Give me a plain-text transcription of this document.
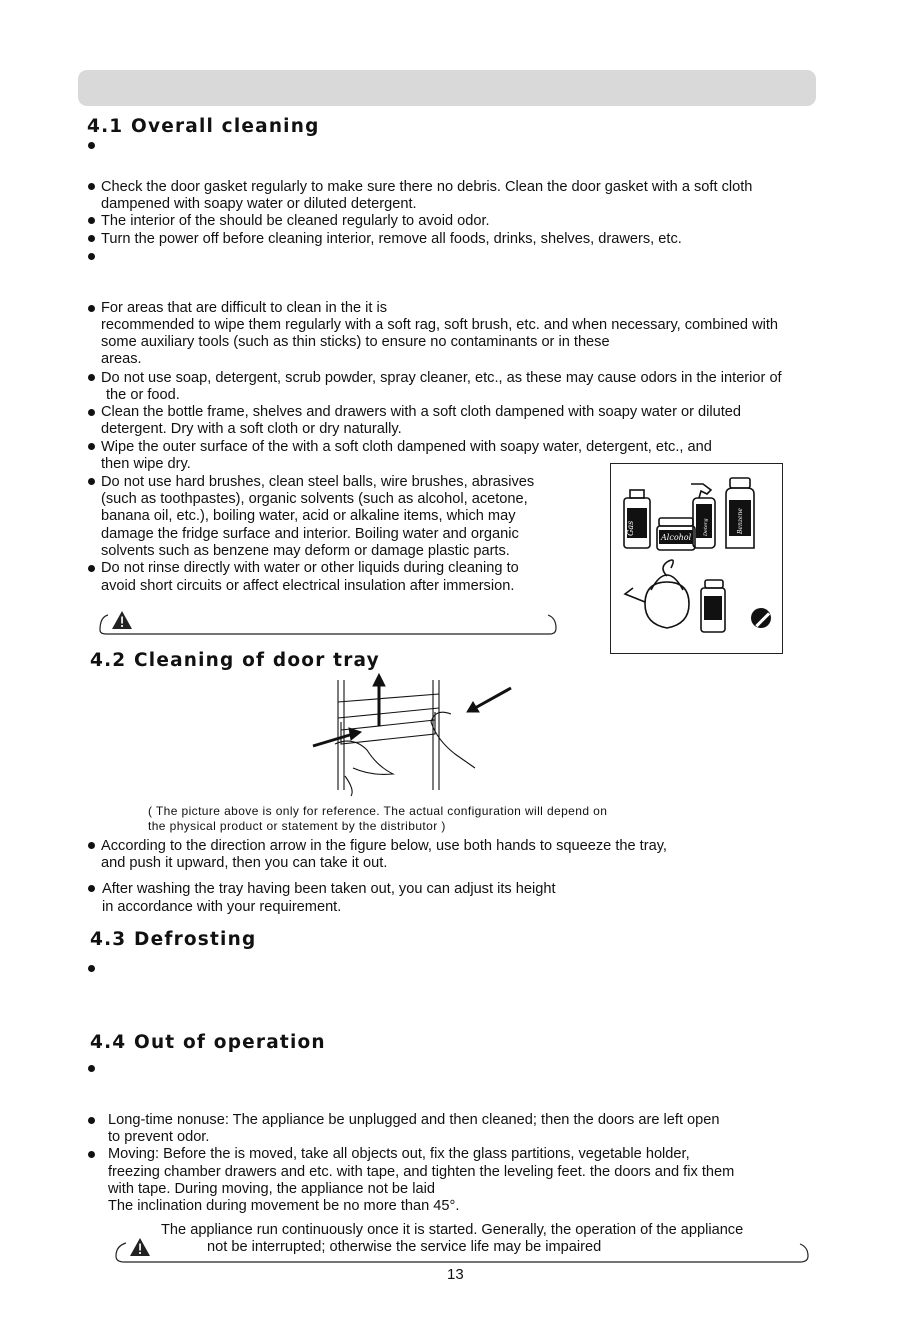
4.1 Overall cleaning
Check the door gasket regularly to make sure there no debris. Clean the door gasket with a soft cloth
dampened with soapy water or diluted detergent.
The interior of the should be cleaned regularly to avoid odor.
Turn the power off before cleaning interior, remove all foods, drinks, shelves, drawers, etc.
For areas that are difficult to clean in the it is
recommended to wipe them regularly with a soft rag, soft brush, etc. and when necessary, combined with
some auxiliary tools (such as thin sticks) to ensure no contaminants or in these
areas.
Do not use soap, detergent, scrub powder, spray cleaner, etc., as these may cause odors in the interior of
the or food.
Clean the bottle frame, shelves and drawers with a soft cloth dampened with soapy water or diluted
detergent. Dry with a soft cloth or dry naturally.
Wipe the outer surface of the with a soft cloth dampened with soapy water, detergent, etc., and
then wipe dry.
Do not use hard brushes, clean steel balls, wire brushes, abrasives
(such as toothpastes), organic solvents (such as alcohol, acetone,
banana oil, etc.), boiling water, acid or alkaline items, which may
damage the fridge surface and interior. Boiling water and organic
solvents such as benzene may deform or damage plastic parts.
Do not rinse directly with water or other liquids during cleaning to
avoid short circuits or affect electrical insulation after immersion.
Gas
Alcohol
Deterg	Benzene
4.2 Cleaning of door tray
( The picture above is only for reference. The actual configuration will depend on
the physical product or statement by the distributor )
According to the direction arrow in the figure below, use both hands to squeeze the tray,
and push it upward, then you can take it out.
After washing the tray having been taken out, you can adjust its height
in accordance with your requirement.
4.3 Defrosting
4.4 Out of operation
Long-time nonuse: The appliance be unplugged and then cleaned; then the doors are left open
to prevent odor.
Moving: Before the is moved, take all objects out, fix the glass partitions, vegetable holder,
freezing chamber drawers and etc. with tape, and tighten the leveling feet. the doors and fix them
with tape. During moving, the appliance not be laid
The inclination during movement be no more than 45°.
The appliance run continuously once it is started. Generally, the operation of the appliance
not be interrupted; otherwise the service life may be impaired
13
